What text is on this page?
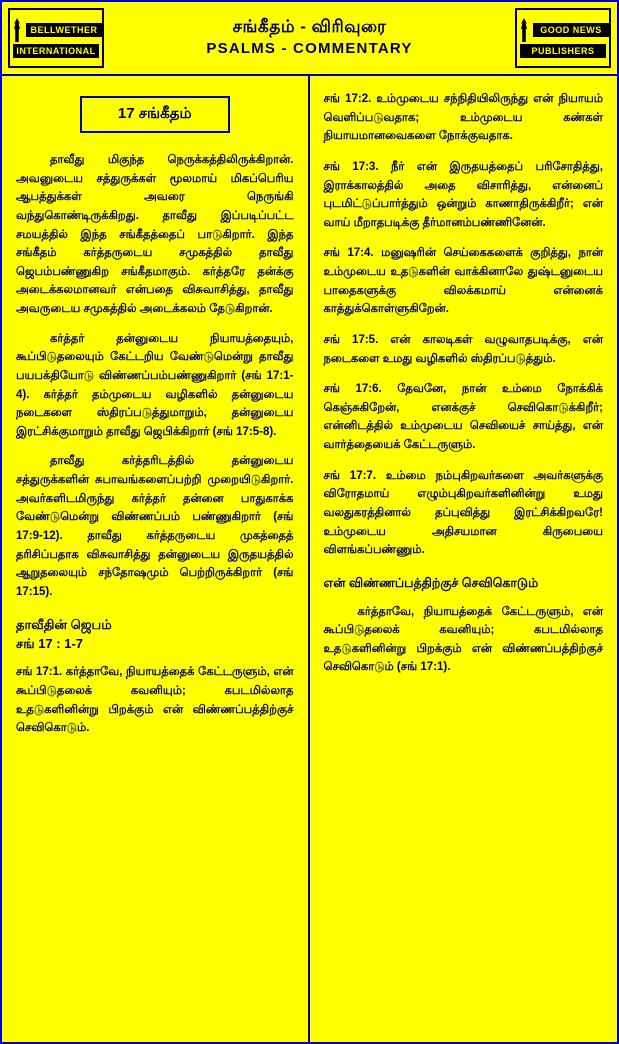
BELLWETHER
INTERNATIONAL
சங்கீதம் - விரிவுரை
PSALMS - COMMENTARY
GOOD NEWS
PUBLISHERS
17 சங்கீதம்

தாவீது மிகுந்த நெருக்கத்திலிருக்கிறான். அவனுடைய சத்துருக்கள் மூலமாய் மிகப்பெரிய ஆபத்துக்கள் அவரை நெருங்கி வந்துகொண்டிருக்கிறது. தாவீது இப்படிப்பட்ட சமயத்தில் இந்த சங்கீதத்தைப் பாடுகிறார். இந்த சங்கீதம் கர்த்தருடைய சமுகத்தில் தாவீது ஜெபம்பண்ணுகிற சங்கீதமாகும். கர்த்தரே தன்க்கு அடைக்கலமானவர் என்பதை விசுவாசித்து, தாவீது அவருடைய சமுகத்தில் அடைக்கலம் தேடுகிறான்.

கர்த்தர் தன்னுடைய நியாயத்தையும், கூப்பிடுதலையும் கேட்டறிய வேண்டுமென்று தாவீது பயபக்தியோடு விண்ணப்பம்பண்ணுகிறார் (சங் 17:1-4). கர்த்தர் தம்முடைய வழிகளில் தன்னுடைய நடைகளை ஸ்திரப்படுத்துமாறும், தன்னுடைய இரட்சிக்குமாறும் தாவீது ஜெபிக்கிறார் (சங் 17:5-8).

தாவீது கர்த்தரிடத்தில் தன்னுடைய சத்துருக்களின் சுபாவங்களைப்பற்றி முறையிடுகிறார். அவர்களிடமிருந்து கர்த்தர் தன்னை பாதுகாக்க வேண்டுமென்று விண்ணப்பம் பண்ணுகிறார் (சங் 17:9-12). தாவீது கர்த்தருடைய முகத்தைத் தரிசிப்பதாக விசுவாசித்து தன்னுடைய இருதயத்தில் ஆறுதலையும் சந்தோஷமும் பெற்றிருக்கிறார் (சங் 17:15).

தாவீதின் ஜெபம்
சங் 17 : 1-7

சங் 17:1. கர்த்தாவே, நியாயத்தைக் கேட்டருளும், என் கூப்பிடுதலைக் கவனியும்; கபடமில்லாத உதடுகளினின்று பிறக்கும் என் விண்ணப்பத்திற்குச் செவிகொடும்.

சங் 17:2. உம்முடைய சந்நிதியிலிருந்து என் நியாயம் வெளிப்படுவதாக; உம்முடைய கண்கள் நியாயமானவைகளை நோக்குவதாக.

சங் 17:3. நீர் என் இருதயத்தைப் பரிசோதித்து, இராக்காலத்தில் அதை விசாரித்து, என்னைப் புடமிட்டுப்பார்த்தும் ஒன்றும் காணாதிருக்கிறீர்; என் வாய் மீறாதபடிக்கு தீர்மானம்பண்ணினேன்.

சங் 17:4. மனுஷரின் செய்கைகளைக் குறித்து, நான் உம்முடைய உதடுகளின் வாக்கினாலே துஷ்டனுடைய பாதைகளுக்கு விலக்கமாய் என்னைக் காத்துக்கொள்ளுகிறேன்.

சங் 17:5. என் காலடிகள் வழுவாதபடிக்கு, என் நடைகளை உமது வழிகளில் ஸ்திரப்படுத்தும்.

சங் 17:6. தேவனே, நான் உம்மை நோக்கிக் கெஞ்சுகிறேன், எனக்குச் செவிகொடுக்கிறீர்; என்னிடத்தில் உம்முடைய செவியைச் சாய்த்து, என் வார்த்தையைக் கேட்டருளும்.

சங் 17:7. உம்மை நம்புகிறவர்களை அவர்களுக்கு விரோதமாய் எழும்புகிறவர்களினின்று உமது வலதுகரத்தினால் தப்புவித்து இரட்சிக்கிறவரே! உம்முடைய அதிசயமான கிருபையை விளங்கப்பண்ணும்.

என் விண்ணப்பத்திற்குச் செவிகொடும்

கர்த்தாவே, நியாயத்தைக் கேட்டருளும், என் கூப்பிடுதலைக் கவனியும்; கபடமில்லாத உதடுகளினின்று பிறக்கும் என் விண்ணப்பத்திற்குச் செவிகொடும் (சங் 17:1).
